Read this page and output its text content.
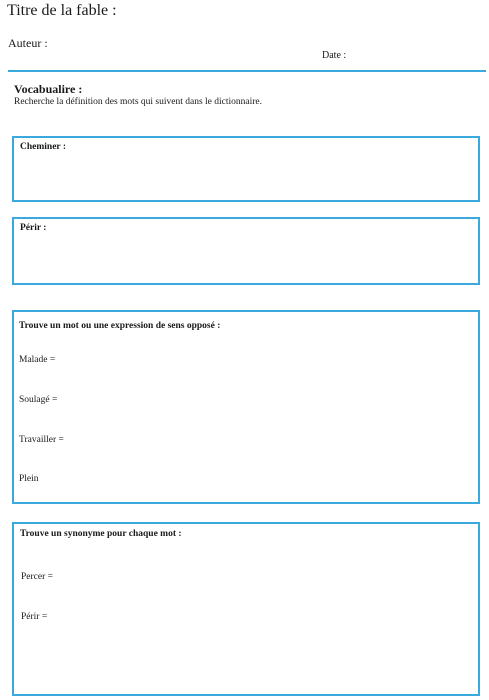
Titre de la fable :
Auteur :
Date :
Vocabualire :
Recherche la définition des mots qui suivent dans le dictionnaire.
Cheminer :
Périr :
Trouve un mot ou une expression de sens opposé :
Malade =
Soulagé =
Travailler =
Plein
Trouve un synonyme pour chaque mot :
Percer =
Périr =
